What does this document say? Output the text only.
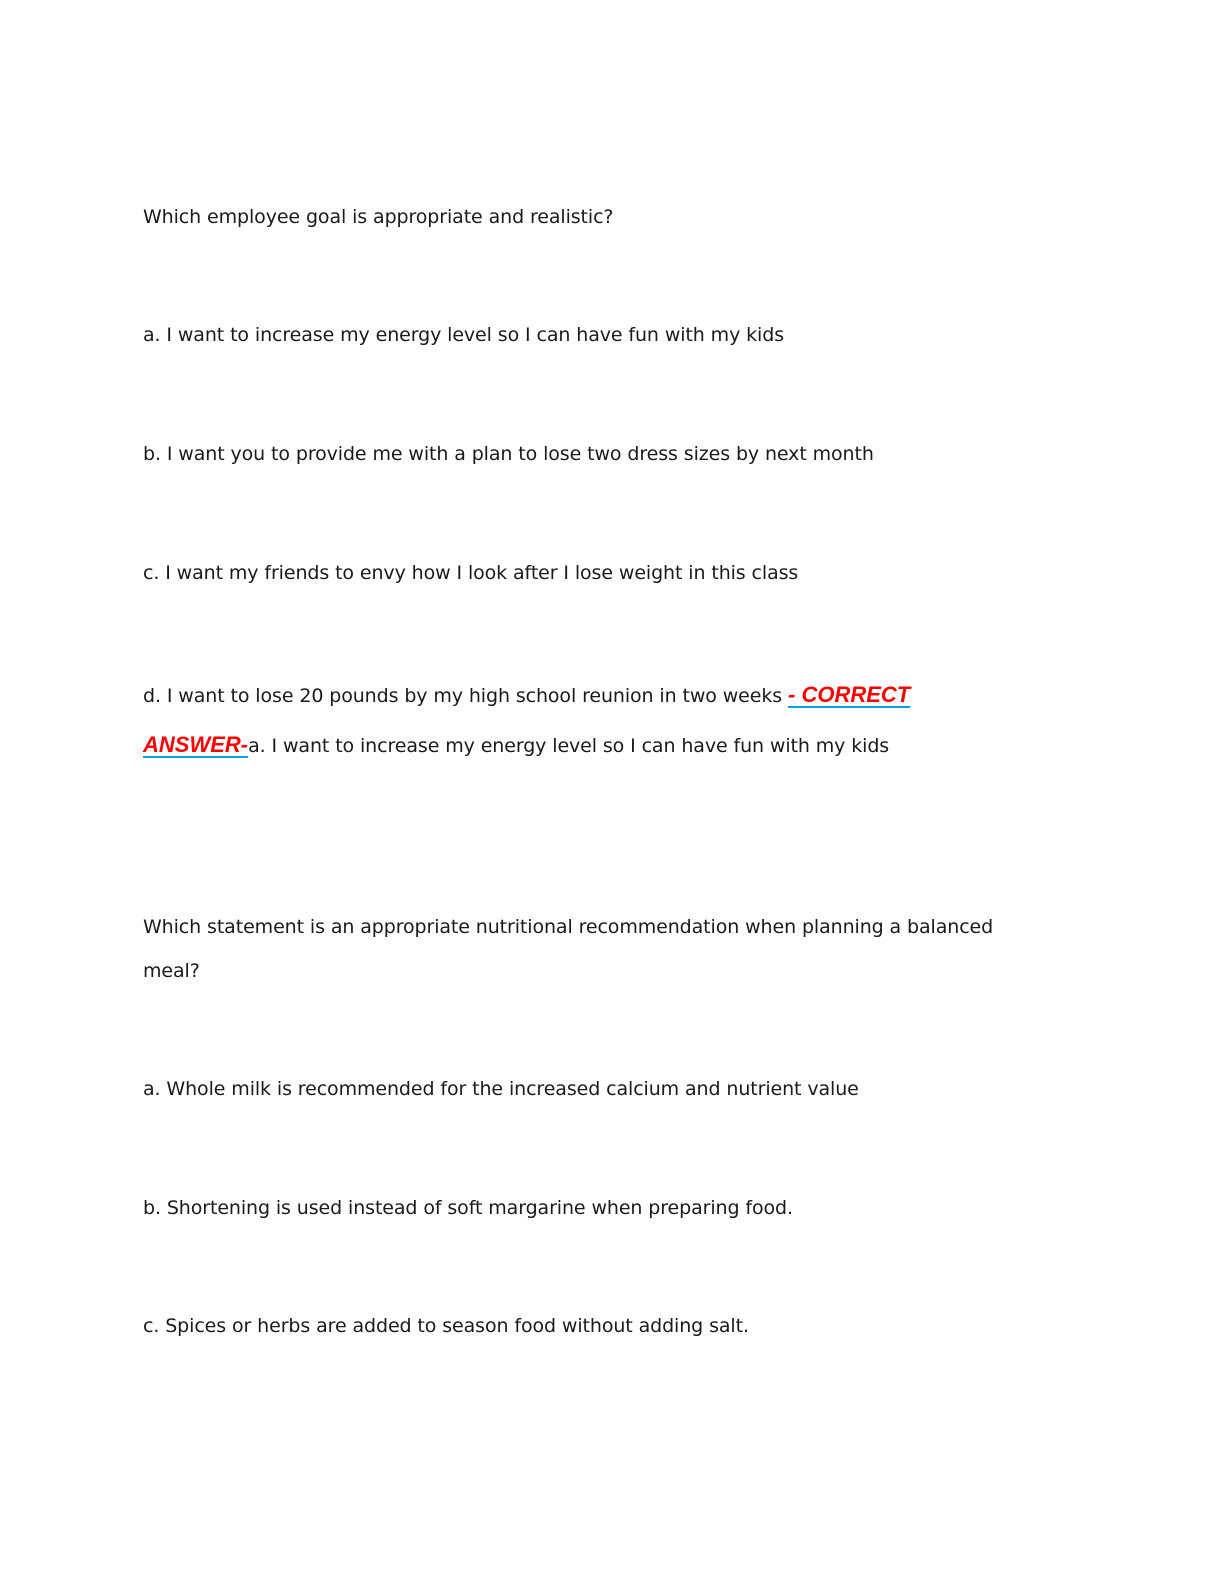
Which employee goal is appropriate and realistic?
a. I want to increase my energy level so I can have fun with my kids
b. I want you to provide me with a plan to lose two dress sizes by next month
c. I want my friends to envy how I look after I lose weight in this class
d. I want to lose 20 pounds by my high school reunion in two weeks - CORRECT
ANSWER-a. I want to increase my energy level so I can have fun with my kids
Which statement is an appropriate nutritional recommendation when planning a balanced
meal?
a. Whole milk is recommended for the increased calcium and nutrient value
b. Shortening is used instead of soft margarine when preparing food.
c. Spices or herbs are added to season food without adding salt.
